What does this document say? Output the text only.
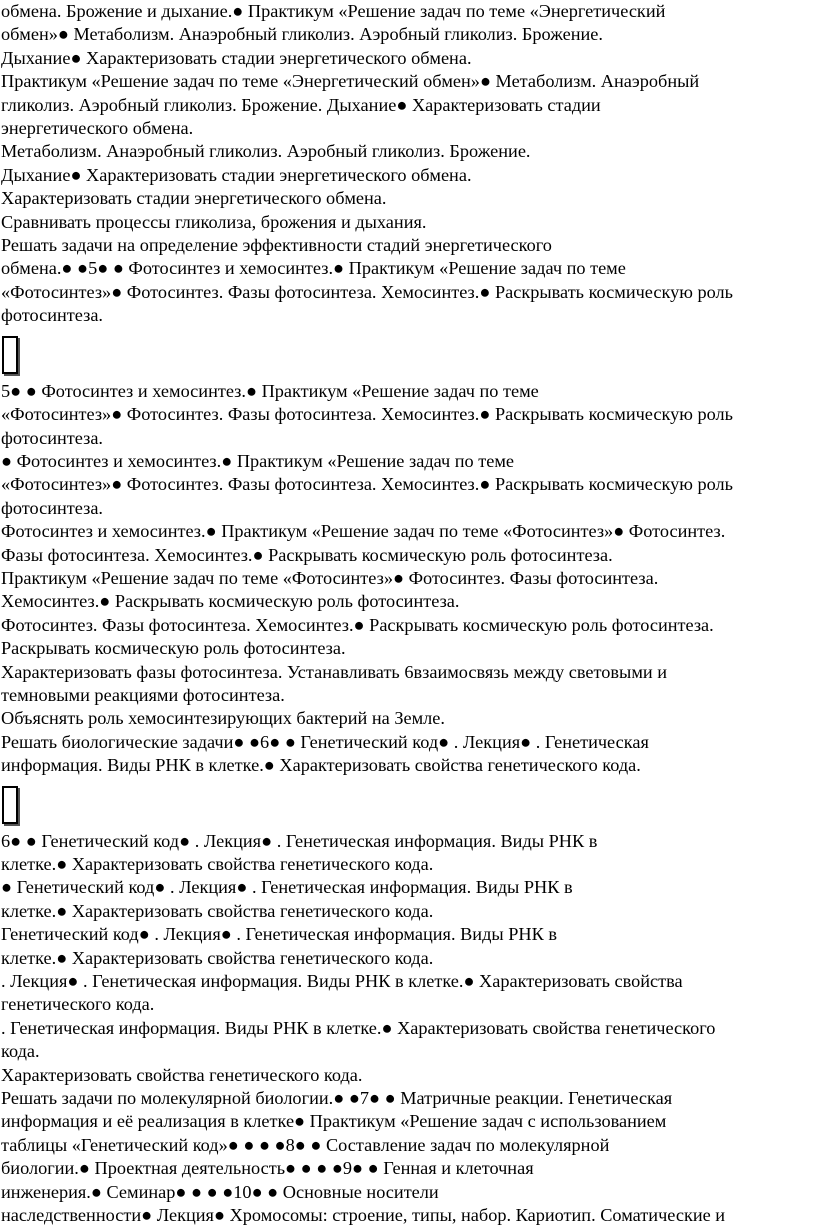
обмена. Брожение и дыхание.● Практикум «Решение задач по теме «Энергетический

обмен»● Метаболизм. Анаэробный гликолиз. Аэробный гликолиз. Брожение.

Дыхание● Характеризовать стадии энергетического обмена.

Практикум «Решение задач по теме «Энергетический обмен»● Метаболизм. Анаэробный

гликолиз. Аэробный гликолиз. Брожение. Дыхание● Характеризовать стадии

энергетического обмена.

Метаболизм. Анаэробный гликолиз. Аэробный гликолиз. Брожение.

Дыхание● Характеризовать стадии энергетического обмена.

Характеризовать стадии энергетического обмена.

Сравнивать процессы гликолиза, брожения и дыхания.

Решать задачи на определение эффективности стадий энергетического

обмена.● ●5● ● Фотосинтез и хемосинтез.● Практикум «Решение задач по теме

«Фотосинтез»● Фотосинтез. Фазы фотосинтеза. Хемосинтез.● Раскрывать космическую роль

фотосинтеза.

5● ● Фотосинтез и хемосинтез.● Практикум «Решение задач по теме

«Фотосинтез»● Фотосинтез. Фазы фотосинтеза. Хемосинтез.● Раскрывать космическую роль

фотосинтеза.

● Фотосинтез и хемосинтез.● Практикум «Решение задач по теме

«Фотосинтез»● Фотосинтез. Фазы фотосинтеза. Хемосинтез.● Раскрывать космическую роль

фотосинтеза.

Фотосинтез и хемосинтез.● Практикум «Решение задач по теме «Фотосинтез»● Фотосинтез.

Фазы фотосинтеза. Хемосинтез.● Раскрывать космическую роль фотосинтеза.

Практикум «Решение задач по теме «Фотосинтез»● Фотосинтез. Фазы фотосинтеза.

Хемосинтез.● Раскрывать космическую роль фотосинтеза.

Фотосинтез. Фазы фотосинтеза. Хемосинтез.● Раскрывать космическую роль фотосинтеза.

Раскрывать космическую роль фотосинтеза.

Характеризовать фазы фотосинтеза. Устанавливать 6взаимосвязь между световыми и

темновыми реакциями фотосинтеза.

Объяснять роль хемосинтезирующих бактерий на Земле.

Решать биологические задачи● ●6● ● Генетический код● . Лекция● . Генетическая

информация. Виды РНК в клетке.● Характеризовать свойства генетического кода.

6● ● Генетический код● . Лекция● . Генетическая информация. Виды РНК в

клетке.● Характеризовать свойства генетического кода.

● Генетический код● . Лекция● . Генетическая информация. Виды РНК в

клетке.● Характеризовать свойства генетического кода.

Генетический код● . Лекция● . Генетическая информация. Виды РНК в

клетке.● Характеризовать свойства генетического кода.

. Лекция● . Генетическая информация. Виды РНК в клетке.● Характеризовать свойства

генетического кода.

. Генетическая информация. Виды РНК в клетке.● Характеризовать свойства генетического

кода.

Характеризовать свойства генетического кода.

Решать задачи по молекулярной биологии.● ●7● ● Матричные реакции. Генетическая

информация и её реализация в клетке● Практикум «Решение задач с использованием

таблицы «Генетический код»● ● ● ●8● ● Составление задач по молекулярной

биологии.● Проектная деятельность● ● ● ●9● ● Генная и клеточная

инженерия.● Семинар● ● ● ●10● ● Основные носители

наследственности● Лекция● Хромосомы: строение, типы, набор. Кариотип. Соматические и
